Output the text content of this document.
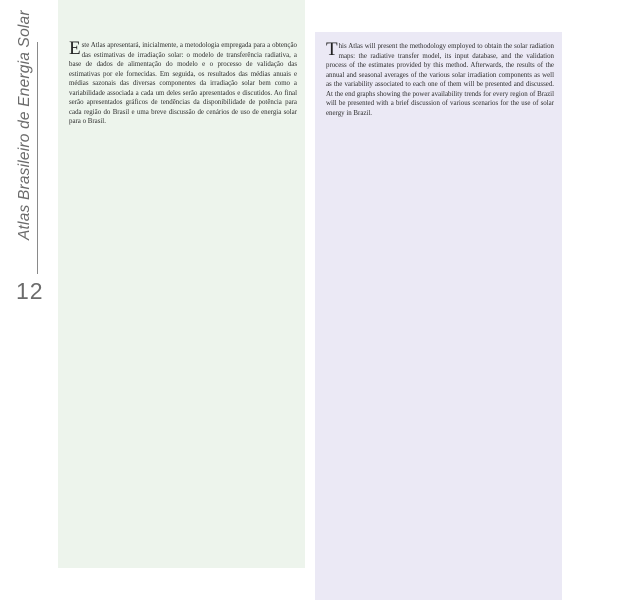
Atlas Brasileiro de Energia Solar
12

Este Atlas apresentará, inicialmente, a metodologia empregada para a obtenção das estimativas de irradiação solar: o modelo de transferência radiativa, a base de dados de alimentação do modelo e o processo de validação das estimativas por ele fornecidas. Em seguida, os resultados das médias anuais e médias sazonais das diversas componentes da irradiação solar bem como a variabilidade associada a cada um deles serão apresentados e discutidos. Ao final serão apresentados gráficos de tendências da disponibilidade de potência para cada região do Brasil e uma breve discussão de cenários de uso de energia solar para o Brasil.

This Atlas will present the methodology employed to obtain the solar radiation maps: the radiative transfer model, its input database, and the validation process of the estimates provided by this method. Afterwards, the results of the annual and seasonal averages of the various solar irradiation components as well as the variability associated to each one of them will be presented and discussed. At the end graphs showing the power availability trends for every region of Brazil will be presented with a brief discussion of various scenarios for the use of solar energy in Brazil.
